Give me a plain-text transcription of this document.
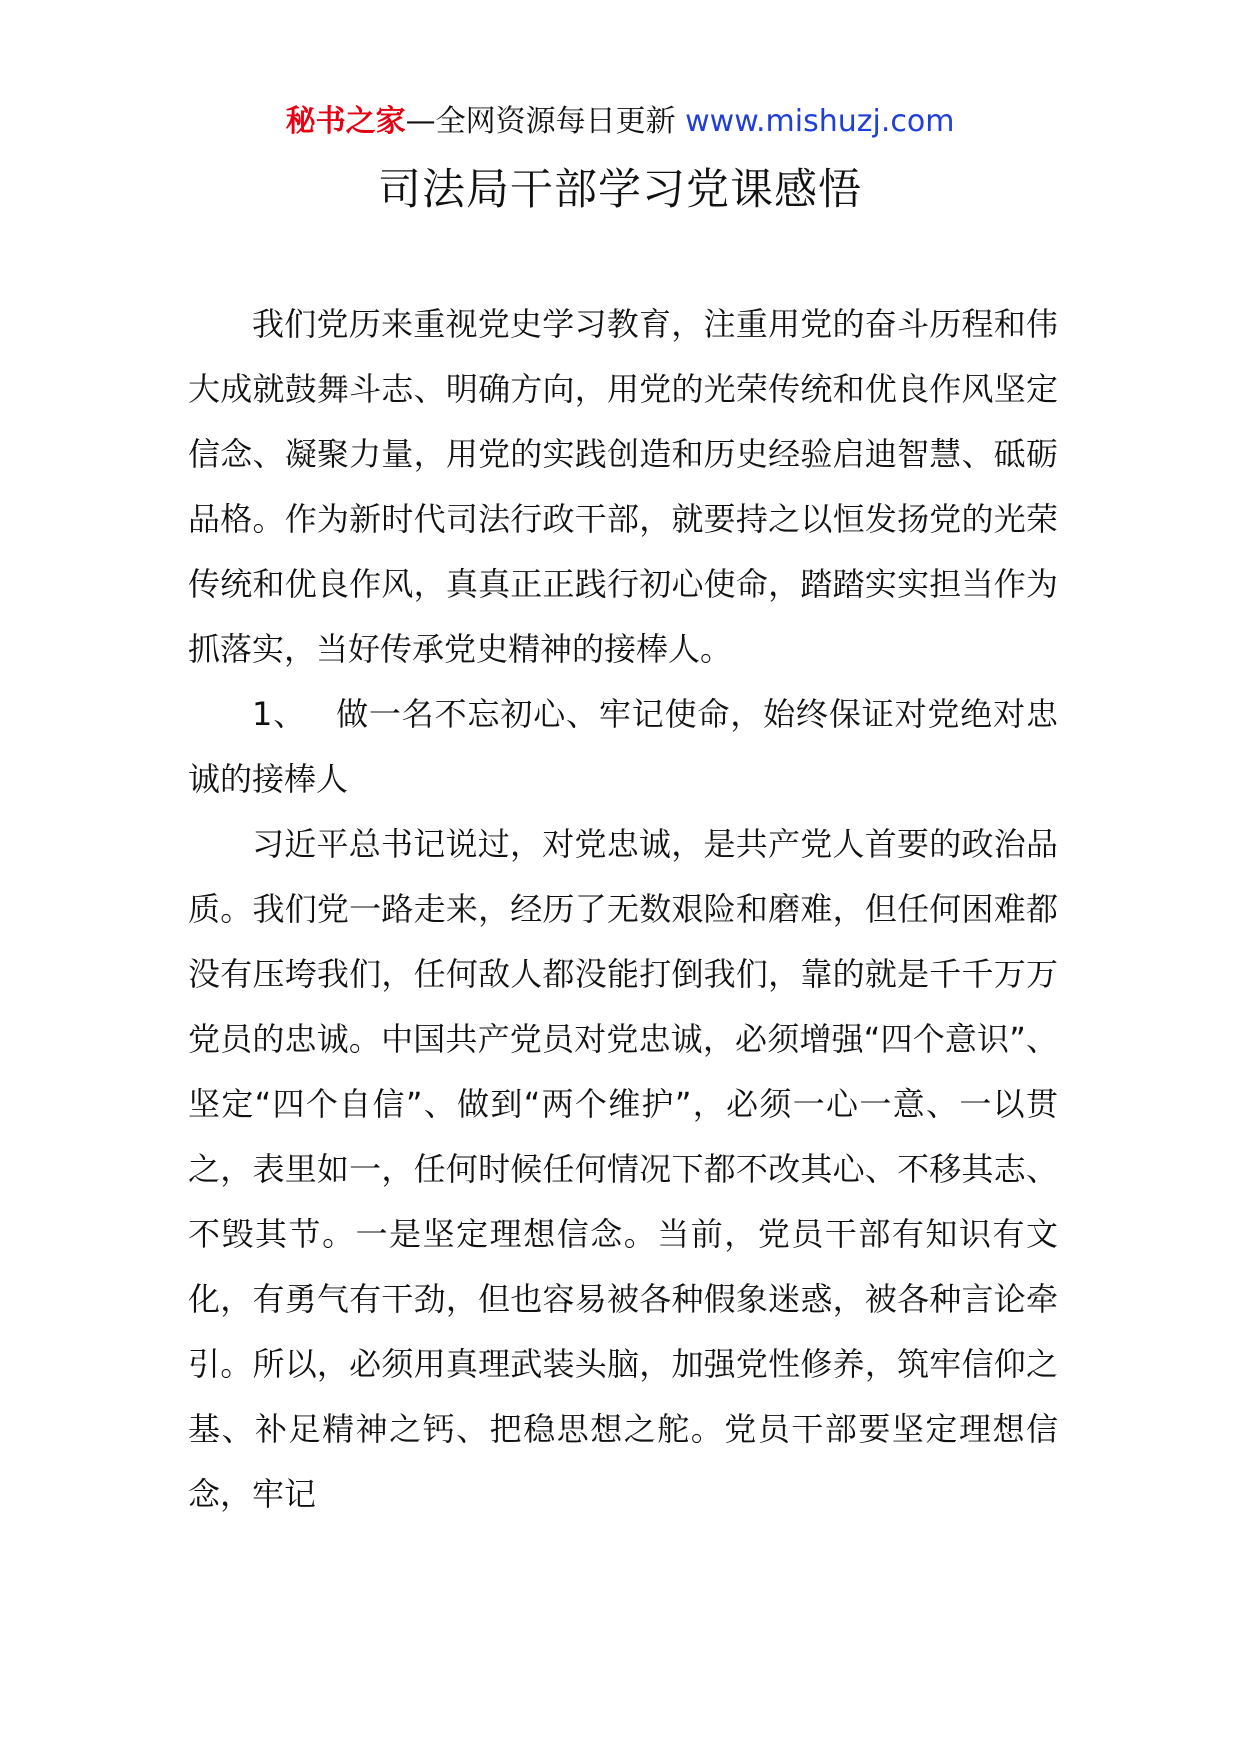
秘书之家—全网资源每日更新 www.mishuzj.com
司法局干部学习党课感悟

我们党历来重视党史学习教育，注重用党的奋斗历程和伟大成就鼓舞斗志、明确方向，用党的光荣传统和优良作风坚定信念、凝聚力量，用党的实践创造和历史经验启迪智慧、砥砺品格。作为新时代司法行政干部，就要持之以恒发扬党的光荣传统和优良作风，真真正正践行初心使命，踏踏实实担当作为抓落实，当好传承党史精神的接棒人。

1、 做一名不忘初心、牢记使命，始终保证对党绝对忠诚的接棒人

习近平总书记说过，对党忠诚，是共产党人首要的政治品质。我们党一路走来，经历了无数艰险和磨难，但任何困难都没有压垮我们，任何敌人都没能打倒我们，靠的就是千千万万党员的忠诚。中国共产党员对党忠诚，必须增强“四个意识”、坚定“四个自信”、做到“两个维护”，必须一心一意、一以贯之，表里如一，任何时候任何情况下都不改其心、不移其志、不毁其节。一是坚定理想信念。当前，党员干部有知识有文化，有勇气有干劲，但也容易被各种假象迷惑，被各种言论牵引。所以，必须用真理武装头脑，加强党性修养，筑牢信仰之基、补足精神之钙、把稳思想之舵。党员干部要坚定理想信念，牢记
